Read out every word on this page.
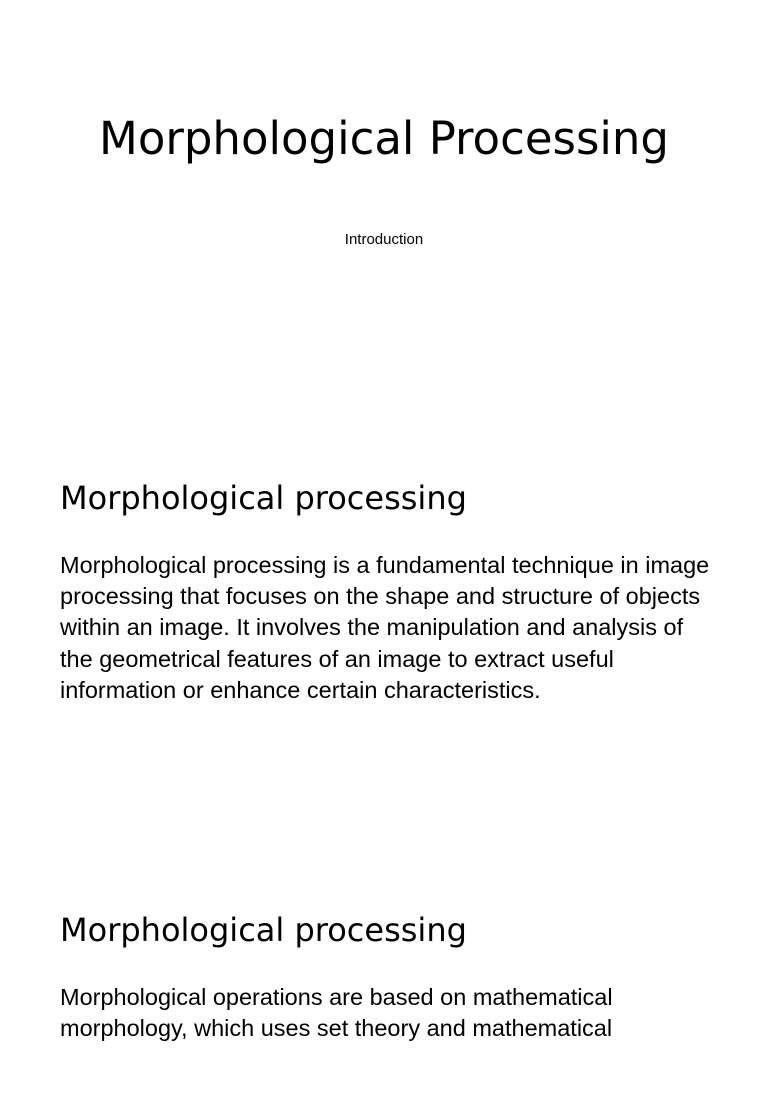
Morphological Processing

Introduction

Morphological processing

Morphological processing is a fundamental technique in image processing that focuses on the shape and structure of objects within an image. It involves the manipulation and analysis of the geometrical features of an image to extract useful information or enhance certain characteristics.

Morphological processing

Morphological operations are based on mathematical morphology, which uses set theory and mathematical
